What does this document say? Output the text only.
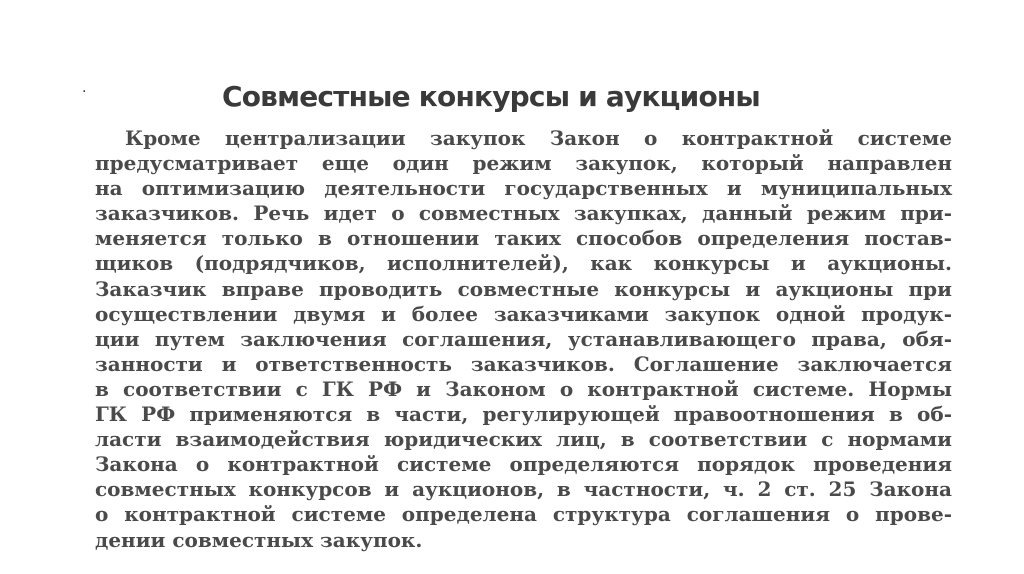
·	Совместные конкурсы и аукционы
Кроме централизации закупок Закон о контрактной системе
предусматривает еще один режим закупок, который направлен
на оптимизацию деятельности государственных и муниципальных
заказчиков. Речь идет о совместных закупках, данный режим при-
меняется только в отношении таких способов определения постав-
щиков (подрядчиков, исполнителей), как конкурсы и аукционы.
Заказчик вправе проводить совместные конкурсы и аукционы при
осуществлении двумя и более заказчиками закупок одной продук-
ции путем заключения соглашения, устанавливающего права, обя-
занности и ответственность заказчиков. Соглашение заключается
в соответствии с ГК РФ и Законом о контрактной системе. Нормы
ГК РФ применяются в части, регулирующей правоотношения в об-
ласти взаимодействия юридических лиц, в соответствии с нормами
Закона о контрактной системе определяются порядок проведения
совместных конкурсов и аукционов, в частности, ч. 2 ст. 25 Закона
о контрактной системе определена структура соглашения о прове-
дении совместных закупок.
